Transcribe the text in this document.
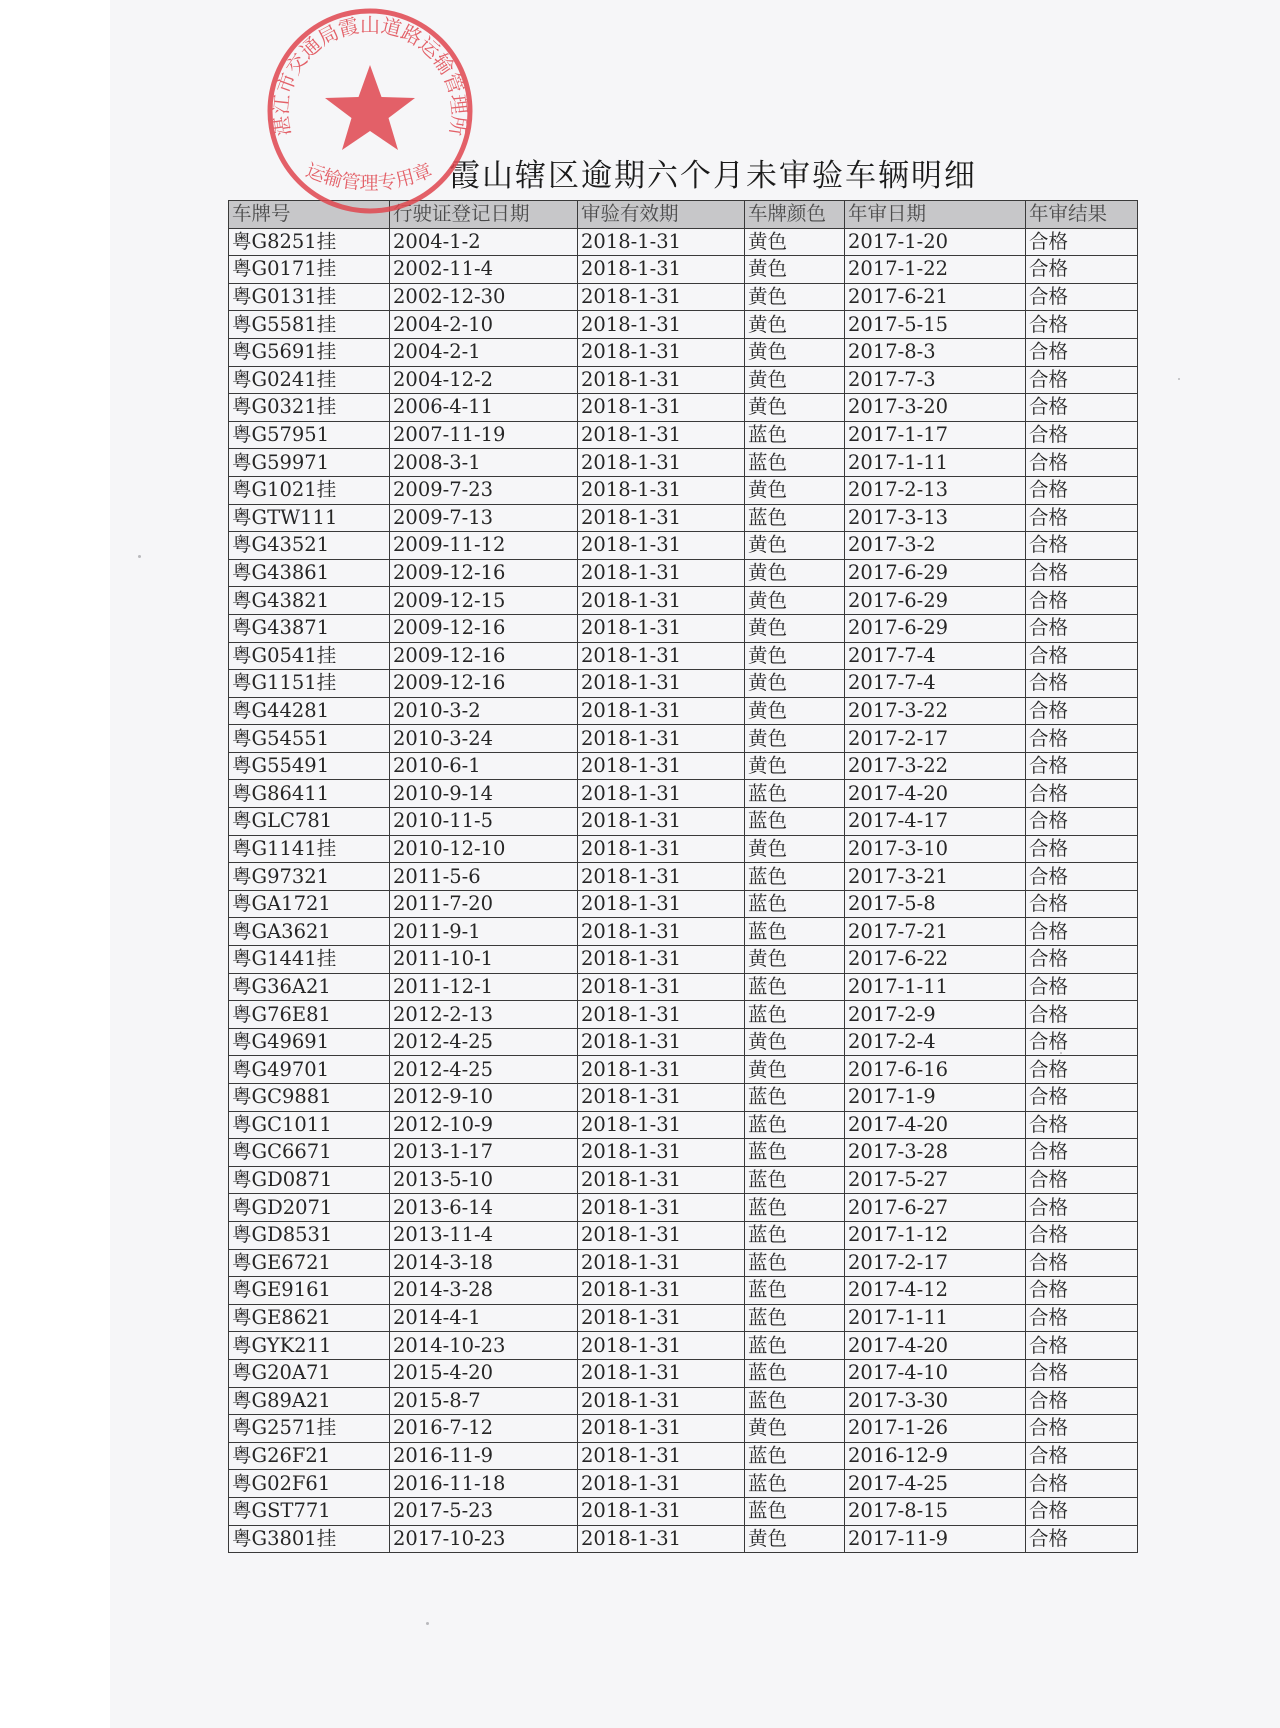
湛江市交通局霞山道路运输管理所
运输管理专用章 霞山辖区逾期六个月未审验车辆明细
车牌号	行驶证登记日期	审验有效期	车牌颜色	年审日期	年审结果
粤G8251挂	2004-1-2	2018-1-31	黄色	2017-1-20	合格
粤G0171挂	2002-11-4	2018-1-31	黄色	2017-1-22	合格
粤G0131挂	2002-12-30	2018-1-31	黄色	2017-6-21	合格
粤G5581挂	2004-2-10	2018-1-31	黄色	2017-5-15	合格
粤G5691挂	2004-2-1	2018-1-31	黄色	2017-8-3	合格
粤G0241挂	2004-12-2	2018-1-31	黄色	2017-7-3	合格
粤G0321挂	2006-4-11	2018-1-31	黄色	2017-3-20	合格
粤G57951	2007-11-19	2018-1-31	蓝色	2017-1-17	合格
粤G59971	2008-3-1	2018-1-31	蓝色	2017-1-11	合格
粤G1021挂	2009-7-23	2018-1-31	黄色	2017-2-13	合格
粤GTW111	2009-7-13	2018-1-31	蓝色	2017-3-13	合格
粤G43521	2009-11-12	2018-1-31	黄色	2017-3-2	合格
粤G43861	2009-12-16	2018-1-31	黄色	2017-6-29	合格
粤G43821	2009-12-15	2018-1-31	黄色	2017-6-29	合格
粤G43871	2009-12-16	2018-1-31	黄色	2017-6-29	合格
粤G0541挂	2009-12-16	2018-1-31	黄色	2017-7-4	合格
粤G1151挂	2009-12-16	2018-1-31	黄色	2017-7-4	合格
粤G44281	2010-3-2	2018-1-31	黄色	2017-3-22	合格
粤G54551	2010-3-24	2018-1-31	黄色	2017-2-17	合格
粤G55491	2010-6-1	2018-1-31	黄色	2017-3-22	合格
粤G86411	2010-9-14	2018-1-31	蓝色	2017-4-20	合格
粤GLC781	2010-11-5	2018-1-31	蓝色	2017-4-17	合格
粤G1141挂	2010-12-10	2018-1-31	黄色	2017-3-10	合格
粤G97321	2011-5-6	2018-1-31	蓝色	2017-3-21	合格
粤GA1721	2011-7-20	2018-1-31	蓝色	2017-5-8	合格
粤GA3621	2011-9-1	2018-1-31	蓝色	2017-7-21	合格
粤G1441挂	2011-10-1	2018-1-31	黄色	2017-6-22	合格
粤G36A21	2011-12-1	2018-1-31	蓝色	2017-1-11	合格
粤G76E81	2012-2-13	2018-1-31	蓝色	2017-2-9	合格
粤G49691	2012-4-25	2018-1-31	黄色	2017-2-4	合格
粤G49701	2012-4-25	2018-1-31	黄色	2017-6-16	合格
粤GC9881	2012-9-10	2018-1-31	蓝色	2017-1-9	合格
粤GC1011	2012-10-9	2018-1-31	蓝色	2017-4-20	合格
粤GC6671	2013-1-17	2018-1-31	蓝色	2017-3-28	合格
粤GD0871	2013-5-10	2018-1-31	蓝色	2017-5-27	合格
粤GD2071	2013-6-14	2018-1-31	蓝色	2017-6-27	合格
粤GD8531	2013-11-4	2018-1-31	蓝色	2017-1-12	合格
粤GE6721	2014-3-18	2018-1-31	蓝色	2017-2-17	合格
粤GE9161	2014-3-28	2018-1-31	蓝色	2017-4-12	合格
粤GE8621	2014-4-1	2018-1-31	蓝色	2017-1-11	合格
粤GYK211	2014-10-23	2018-1-31	蓝色	2017-4-20	合格
粤G20A71	2015-4-20	2018-1-31	蓝色	2017-4-10	合格
粤G89A21	2015-8-7	2018-1-31	蓝色	2017-3-30	合格
粤G2571挂	2016-7-12	2018-1-31	黄色	2017-1-26	合格
粤G26F21	2016-11-9	2018-1-31	蓝色	2016-12-9	合格
粤G02F61	2016-11-18	2018-1-31	蓝色	2017-4-25	合格
粤GST771	2017-5-23	2018-1-31	蓝色	2017-8-15	合格
粤G3801挂	2017-10-23	2018-1-31	黄色	2017-11-9	合格
